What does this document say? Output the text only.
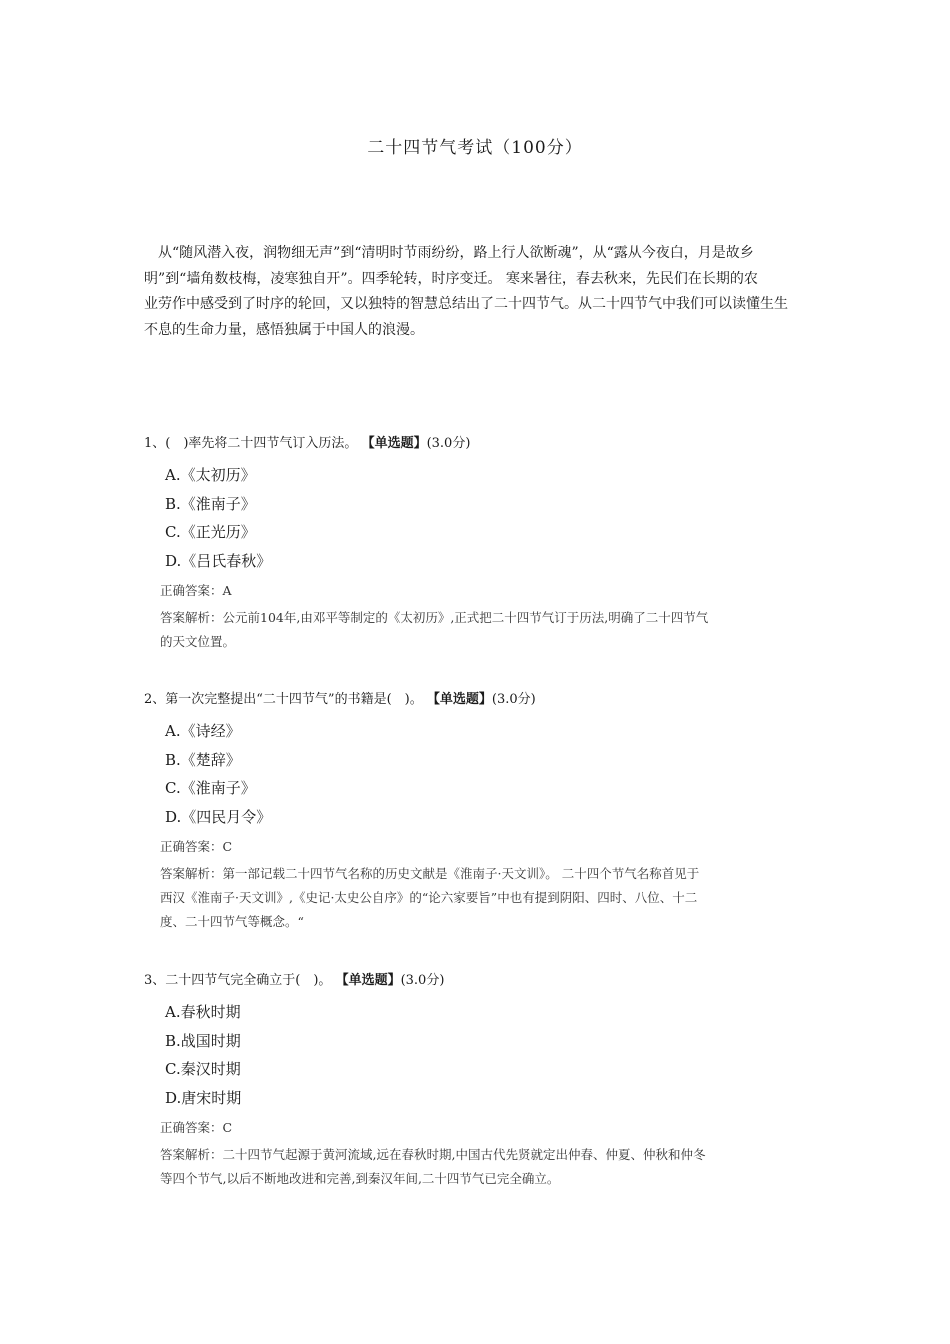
二十四节气考试（100分）
从“随风潜入夜，润物细无声”到“清明时节雨纷纷，路上行人欲断魂”，从“露从今夜白，月是故乡
明”到“墙角数枝梅，凌寒独自开”。四季轮转，时序变迁。 寒来暑往，春去秋来，先民们在长期的农
业劳作中感受到了时序的轮回，又以独特的智慧总结出了二十四节气。从二十四节气中我们可以读懂生生
不息的生命力量，感悟独属于中国人的浪漫。
1、(　)率先将二十四节气订入历法。 【单选题】(3.0分)
A.《太初历》
B.《淮南子》
C.《正光历》
D.《吕氏春秋》
正确答案：A
答案解析：公元前104年,由邓平等制定的《太初历》,正式把二十四节气订于历法,明确了二十四节气
的天文位置。
2、第一次完整提出“二十四节气”的书籍是(　)。 【单选题】(3.0分)
A.《诗经》
B.《楚辞》
C.《淮南子》
D.《四民月令》
正确答案：C
答案解析：第一部记载二十四节气名称的历史文献是《淮南子·天文训》。 二十四个节气名称首见于
西汉《淮南子·天文训》,《史记·太史公自序》的“论六家要旨”中也有提到阴阳、四时、八位、十二
度、二十四节气等概念。“
3、二十四节气完全确立于(　)。 【单选题】(3.0分)
A.春秋时期
B.战国时期
C.秦汉时期
D.唐宋时期
正确答案：C
答案解析：二十四节气起源于黄河流域,远在春秋时期,中国古代先贤就定出仲春、仲夏、仲秋和仲冬
等四个节气,以后不断地改进和完善,到秦汉年间,二十四节气已完全确立。
